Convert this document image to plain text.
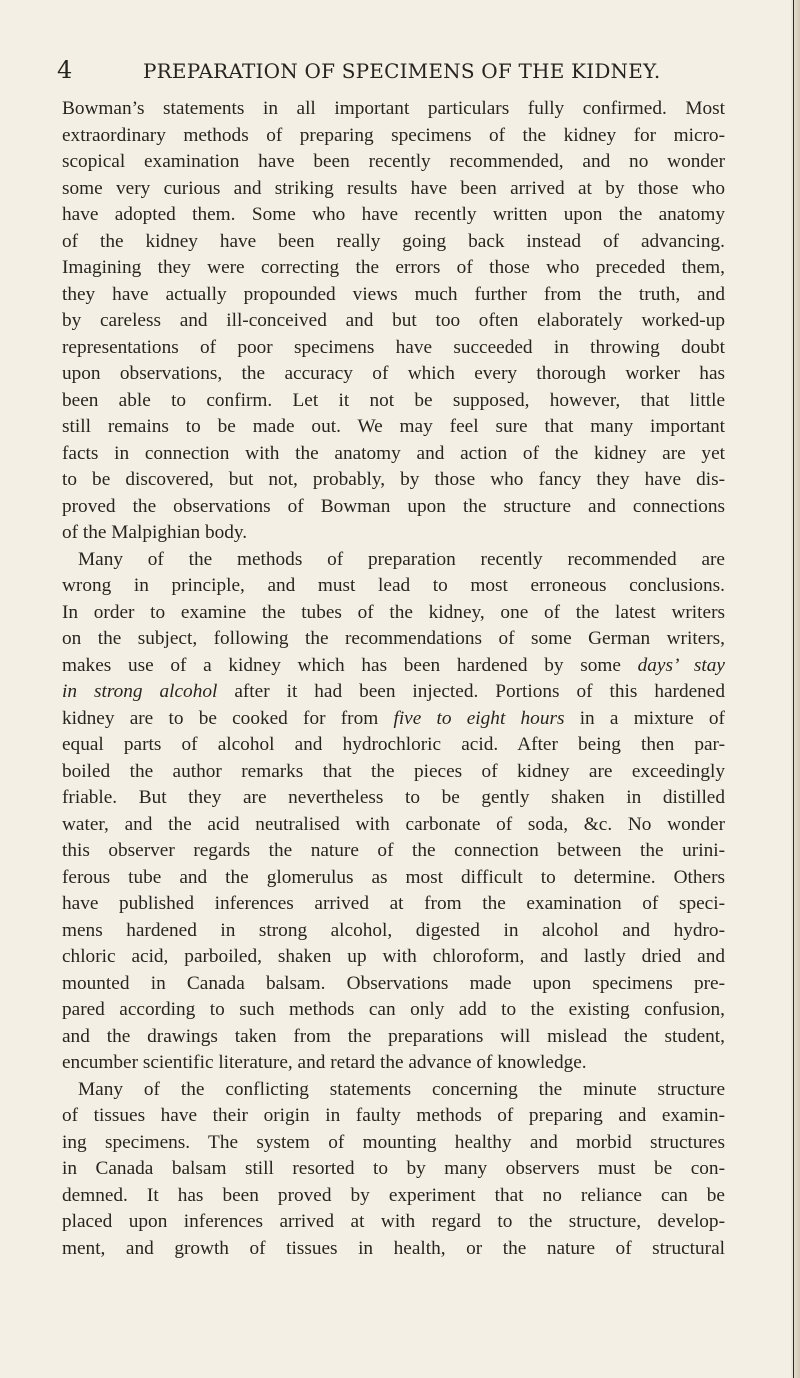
4	PREPARATION OF SPECIMENS OF THE KIDNEY.
Bowman’s statements in all important particulars fully confirmed. Most
extraordinary methods of preparing specimens of the kidney for micro-
scopical examination have been recently recommended, and no wonder
some very curious and striking results have been arrived at by those who
have adopted them. Some who have recently written upon the anatomy
of the kidney have been really going back instead of advancing.
Imagining they were correcting the errors of those who preceded them,
they have actually propounded views much further from the truth, and
by careless and ill-conceived and but too often elaborately worked-up
representations of poor specimens have succeeded in throwing doubt
upon observations, the accuracy of which every thorough worker has
been able to confirm. Let it not be supposed, however, that little
still remains to be made out. We may feel sure that many important
facts in connection with the anatomy and action of the kidney are yet
to be discovered, but not, probably, by those who fancy they have dis-
proved the observations of Bowman upon the structure and connections
of the Malpighian body.
Many of the methods of preparation recently recommended are
wrong in principle, and must lead to most erroneous conclusions.
In order to examine the tubes of the kidney, one of the latest writers
on the subject, following the recommendations of some German writers,
makes use of a kidney which has been hardened by some days’ stay
in strong alcohol after it had been injected. Portions of this hardened
kidney are to be cooked for from five to eight hours in a mixture of
equal parts of alcohol and hydrochloric acid. After being then par-
boiled the author remarks that the pieces of kidney are exceedingly
friable. But they are nevertheless to be gently shaken in distilled
water, and the acid neutralised with carbonate of soda, &c. No wonder
this observer regards the nature of the connection between the urini-
ferous tube and the glomerulus as most difficult to determine. Others
have published inferences arrived at from the examination of speci-
mens hardened in strong alcohol, digested in alcohol and hydro-
chloric acid, parboiled, shaken up with chloroform, and lastly dried and
mounted in Canada balsam. Observations made upon specimens pre-
pared according to such methods can only add to the existing confusion,
and the drawings taken from the preparations will mislead the student,
encumber scientific literature, and retard the advance of knowledge.
Many of the conflicting statements concerning the minute structure
of tissues have their origin in faulty methods of preparing and examin-
ing specimens. The system of mounting healthy and morbid structures
in Canada balsam still resorted to by many observers must be con-
demned. It has been proved by experiment that no reliance can be
placed upon inferences arrived at with regard to the structure, develop-
ment, and growth of tissues in health, or the nature of structural
